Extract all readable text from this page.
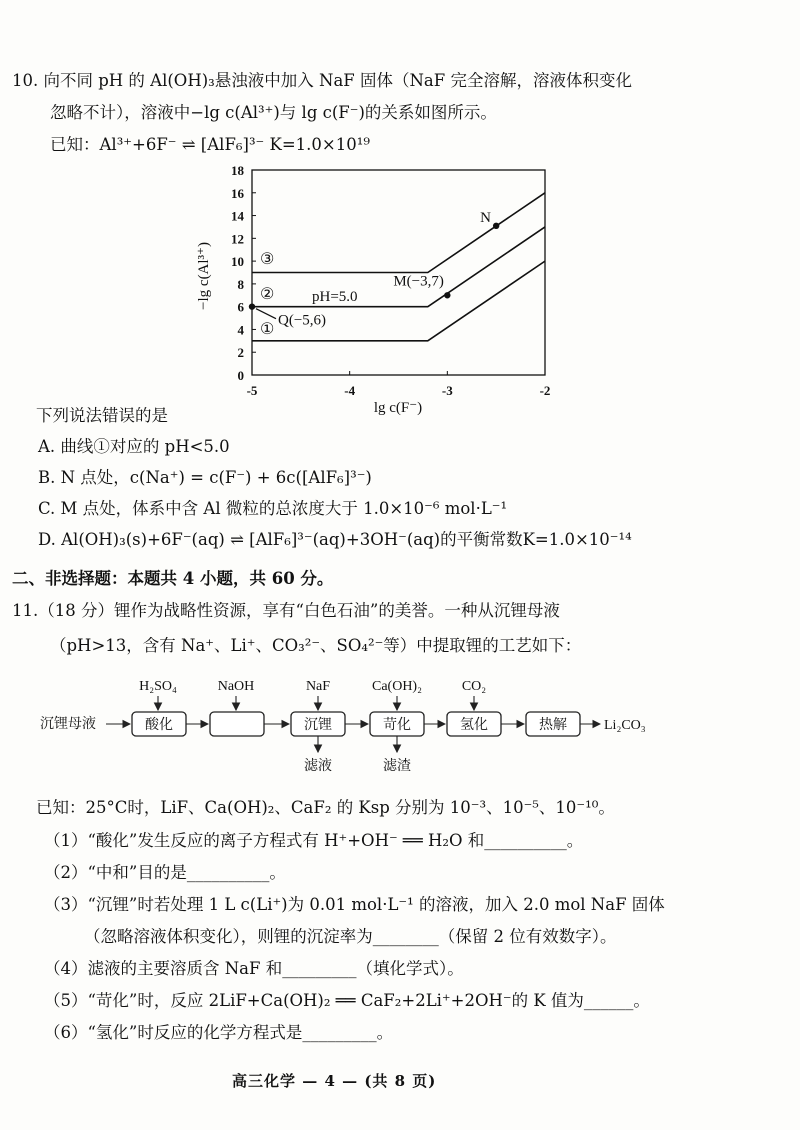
10. 向不同 pH 的 Al(OH)₃悬浊液中加入 NaF 固体（NaF 完全溶解，溶液体积变化
忽略不计），溶液中−lg c(Al³⁺)与 lg c(F⁻)的关系如图所示。
已知：Al³⁺+6F⁻ ⇌ [AlF₆]³⁻ K=1.0×10¹⁹
0
2
4
6
8
10
12
14
16
18
-5	-4	-3	-2
N
M(−3,7)
Q(−5,6)
③
②
①
pH=5.0
−lg c(Al³⁺)
lg c(F⁻)
下列说法错误的是
A. 曲线①对应的 pH<5.0
B. N 点处，c(Na⁺) = c(F⁻) + 6c([AlF₆]³⁻)
C. M 点处，体系中含 Al 微粒的总浓度大于 1.0×10⁻⁶ mol·L⁻¹
D. Al(OH)₃(s)+6F⁻(aq) ⇌ [AlF₆]³⁻(aq)+3OH⁻(aq)的平衡常数K=1.0×10⁻¹⁴
二、非选择题：本题共 4 小题，共 60 分。
11.（18 分）锂作为战略性资源，享有“白色石油”的美誉。一种从沉锂母液
（pH>13，含有 Na⁺、Li⁺、CO₃²⁻、SO₄²⁻等）中提取锂的工艺如下：
H₂SO₄	NaOH	NaF	Ca(OH)₂	CO₂
沉锂母液	酸化	沉锂	苛化	氢化	热解	Li₂CO₃
滤液	滤渣
已知：25°C时，LiF、Ca(OH)₂、CaF₂ 的 Ksp 分别为 10⁻³、10⁻⁵、10⁻¹⁰。
（1）“酸化”发生反应的离子方程式有 H⁺+OH⁻ ══ H₂O 和__________。
（2）“中和”目的是__________。
（3）“沉锂”时若处理 1 L c(Li⁺)为 0.01 mol·L⁻¹ 的溶液，加入 2.0 mol NaF 固体
（忽略溶液体积变化），则锂的沉淀率为________（保留 2 位有效数字）。
（4）滤液的主要溶质含 NaF 和_________（填化学式）。
（5）“苛化”时，反应 2LiF+Ca(OH)₂ ══ CaF₂+2Li⁺+2OH⁻的 K 值为______。
（6）“氢化”时反应的化学方程式是_________。
高三化学 — 4 — (共 8 页)
